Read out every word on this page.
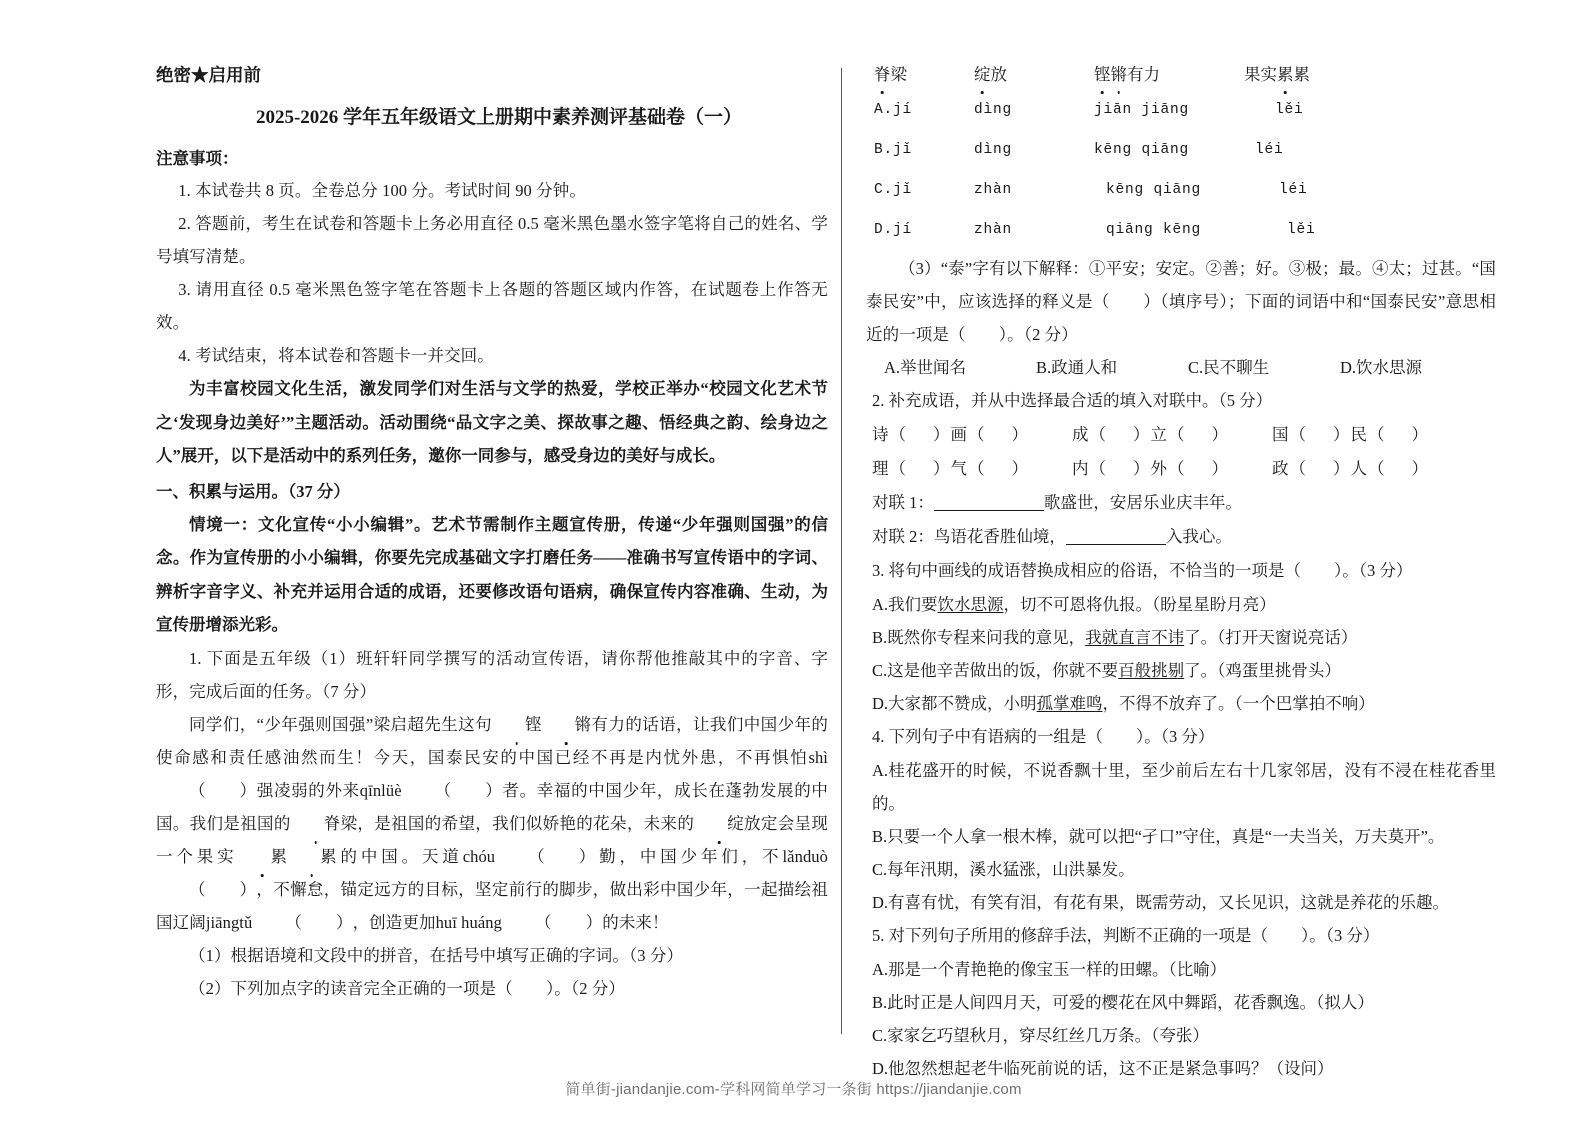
绝密★启用前
2025-2026 学年五年级语文上册期中素养测评基础卷（一）
注意事项：
1. 本试卷共 8 页。全卷总分 100 分。考试时间 90 分钟。
2. 答题前，考生在试卷和答题卡上务必用直径 0.5 毫米黑色墨水签字笔将自己的姓名、学号填写清楚。
3. 请用直径 0.5 毫米黑色签字笔在答题卡上各题的答题区域内作答，在试题卷上作答无效。
4. 考试结束，将本试卷和答题卡一并交回。
为丰富校园文化生活，激发同学们对生活与文学的热爱，学校正举办“校园文化艺术节之‘发现身边美好’”主题活动。活动围绕“品文字之美、探故事之趣、悟经典之韵、绘身边之人”展开，以下是活动中的系列任务，邀你一同参与，感受身边的美好与成长。
一、积累与运用。（37 分）
情境一：文化宣传“小小编辑”。艺术节需制作主题宣传册，传递“少年强则国强”的信念。作为宣传册的小小编辑，你要先完成基础文字打磨任务——准确书写宣传语中的字词、辨析字音字义、补充并运用合适的成语，还要修改语句语病，确保宣传内容准确、生动，为宣传册增添光彩。
1. 下面是五年级（1）班轩轩同学撰写的活动宣传语，请你帮他推敲其中的字音、字形，完成后面的任务。（7 分）
同学们，“少年强则国强”梁启超先生这句 铿 锵有力的话语，让我们中国少年的使命感和责任感油然而生！今天，国泰民安的中国已经不再是内忧外患，不再惧怕shì（ ）强凌弱的外来qīnlüè （ ）者。幸福的中国少年，成长在蓬勃发展的中国。我们是祖国的 脊梁，是祖国的希望，我们似娇艳的花朵，未来的 绽放定会呈现一个果实 累 累的中国。天道chóu （ ）勤，中国少年们，不lǎnduò（ ），不懈怠，锚定远方的目标，坚定前行的脚步，做出彩中国少年，一起描绘祖国辽阔jiāngtǔ （ ），创造更加huī huáng （ ）的未来！
（1）根据语境和文段中的拼音，在括号中填写正确的字词。（3 分）
（2）下列加点字的读音完全正确的一项是（　　）。（2 分）
脊梁	绽放	铿锵有力	果实累累
A.jí	dìng	jiān jiāng	lěi
B.jǐ	dìng	kēng qiāng	léi
C.jǐ	zhàn	kēng qiāng	léi
D.jí	zhàn	qiāng kēng	lěi
（3）“泰”字有以下解释：①平安；安定。②善；好。③极；最。④太；过甚。“国泰民安”中，应该选择的释义是（　　）（填序号）；下面的词语中和“国泰民安”意思相近的一项是（　　）。（2 分）
A.举世闻名	B.政通人和	C.民不聊生	D.饮水思源
2. 补充成语，并从中选择最合适的填入对联中。（5 分）
诗（ ）画（ ）	成（ ）立（ ）	国（ ）民（ ）
理（ ）气（ ）	内（ ）外（ ）	政（ ）人（ ）
对联 1：	歌盛世，安居乐业庆丰年。
对联 2：鸟语花香胜仙境，	入我心。
3. 将句中画线的成语替换成相应的俗语，不恰当的一项是（　　）。（3 分）
A.我们要饮水思源，切不可恩将仇报。（盼星星盼月亮）
B.既然你专程来问我的意见，我就直言不讳了。（打开天窗说亮话）
C.这是他辛苦做出的饭，你就不要百般挑剔了。（鸡蛋里挑骨头）
D.大家都不赞成，小明孤掌难鸣，不得不放弃了。（一个巴掌拍不响）
4. 下列句子中有语病的一组是（　　）。（3 分）
A.桂花盛开的时候，不说香飘十里，至少前后左右十几家邻居，没有不浸在桂花香里的。
B.只要一个人拿一根木棒，就可以把“孑口”守住，真是“一夫当关，万夫莫开”。
C.每年汛期，溪水猛涨，山洪暴发。
D.有喜有忧，有笑有泪，有花有果，既需劳动，又长见识，这就是养花的乐趣。
5. 对下列句子所用的修辞手法，判断不正确的一项是（　　）。（3 分）
A.那是一个青艳艳的像宝玉一样的田螺。（比喻）
B.此时正是人间四月天，可爱的樱花在风中舞蹈，花香飘逸。（拟人）
C.家家乞巧望秋月，穿尽红丝几万条。（夸张）
D.他忽然想起老牛临死前说的话，这不正是紧急事吗？（设问）
简单街-jiandanjie.com-学科网简单学习一条街 https://jiandanjie.com
